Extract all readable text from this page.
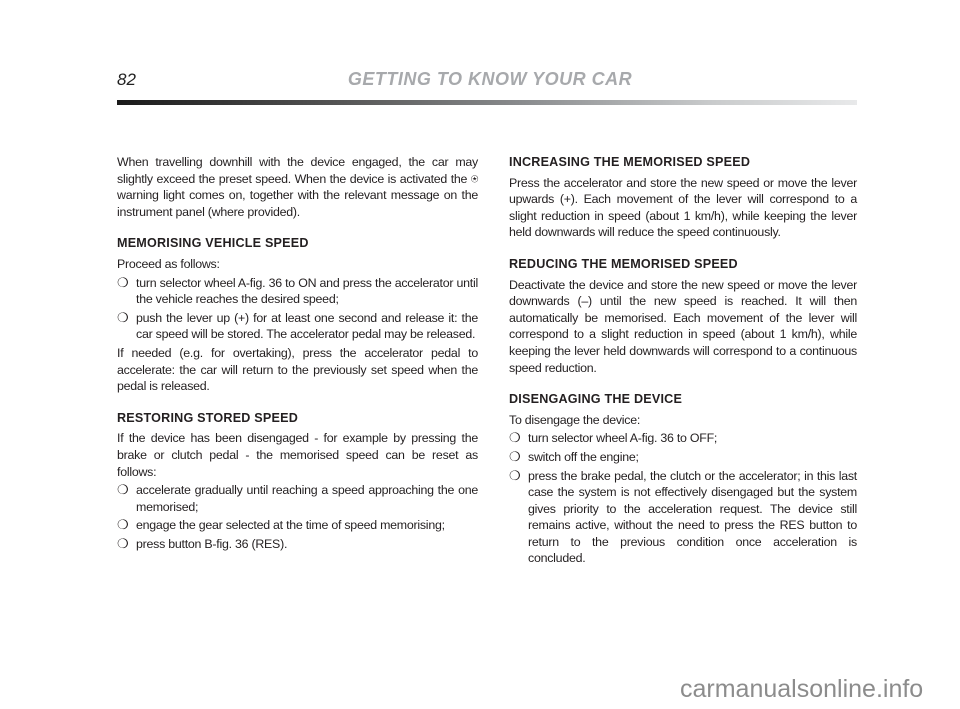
82	GETTING TO KNOW YOUR CAR

When travelling downhill with the device engaged, the car may slightly exceed the preset speed. When the device is activated the ⍟ warning light comes on, together with the relevant message on the instrument panel (where provided).

MEMORISING VEHICLE SPEED

Proceed as follows:

❍ turn selector wheel A-fig. 36 to ON and press the accelerator until the vehicle reaches the desired speed;
❍ push the lever up (+) for at least one second and release it: the car speed will be stored. The accelerator pedal may be released.

If needed (e.g. for overtaking), press the accelerator pedal to accelerate: the car will return to the previously set speed when the pedal is released.

RESTORING STORED SPEED

If the device has been disengaged - for example by pressing the brake or clutch pedal - the memorised speed can be reset as follows:

❍ accelerate gradually until reaching a speed approaching the one memorised;
❍ engage the gear selected at the time of speed memorising;
❍ press button B-fig. 36 (RES).
INCREASING THE MEMORISED SPEED

Press the accelerator and store the new speed or move the lever upwards (+). Each movement of the lever will correspond to a slight reduction in speed (about 1 km/h), while keeping the lever held downwards will reduce the speed continuously.

REDUCING THE MEMORISED SPEED

Deactivate the device and store the new speed or move the lever downwards (–) until the new speed is reached. It will then automatically be memorised. Each movement of the lever will correspond to a slight reduction in speed (about 1 km/h), while keeping the lever held downwards will correspond to a continuous speed reduction.

DISENGAGING THE DEVICE

To disengage the device:

❍ turn selector wheel A-fig. 36 to OFF;
❍ switch off the engine;
❍ press the brake pedal, the clutch or the accelerator; in this last case the system is not effectively disengaged but the system gives priority to the acceleration request. The device still remains active, without the need to press the RES button to return to the previous condition once acceleration is concluded.
carmanualsonline.info
